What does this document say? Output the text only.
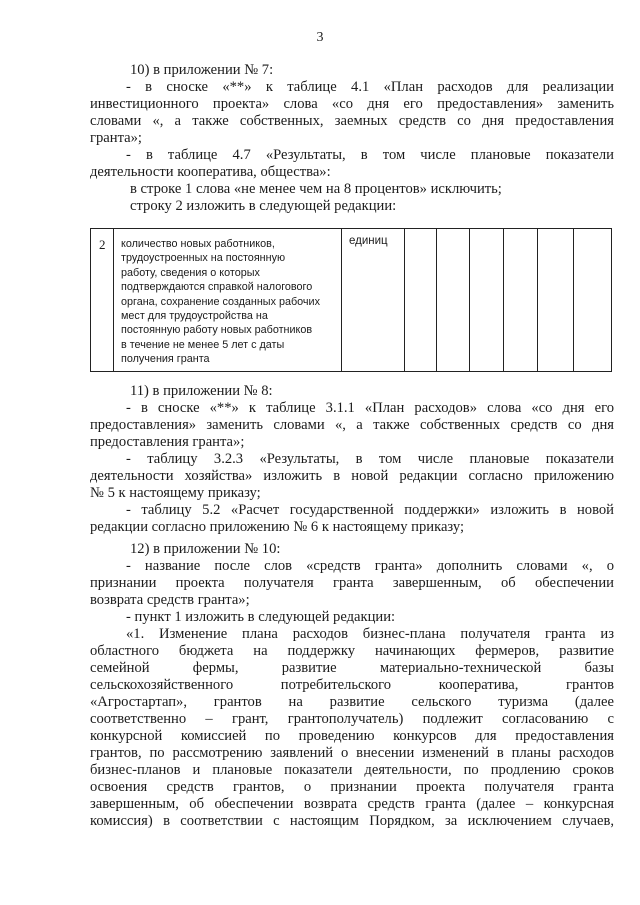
3
10) в приложении № 7:
- в сноске «**» к таблице 4.1 «План расходов для реализации
инвестиционного проекта» слова «со дня его предоставления» заменить
словами «, а также собственных, заемных средств со дня предоставления
гранта»;
- в таблице 4.7 «Результаты, в том числе плановые показатели
деятельности кооператива, общества»:
в строке 1 слова «не менее чем на 8 процентов» исключить;
строку 2 изложить в следующей редакции:
2 количество новых работников,
трудоустроенных на постоянную
работу, сведения о которых
подтверждаются справкой налогового
органа, сохранение созданных рабочих
мест для трудоустройства на
постоянную работу новых работников
в течение не менее 5 лет с даты
получения гранта
единиц
11) в приложении № 8:
- в сноске «**» к таблице 3.1.1 «План расходов» слова «со дня его
предоставления» заменить словами «, а также собственных средств со дня
предоставления гранта»;
- таблицу 3.2.3 «Результаты, в том числе плановые показатели
деятельности хозяйства» изложить в новой редакции согласно приложению
№ 5 к настоящему приказу;
- таблицу 5.2 «Расчет государственной поддержки» изложить в новой
редакции согласно приложению № 6 к настоящему приказу;
12) в приложении № 10:
- название после слов «средств гранта» дополнить словами «, о
признании проекта получателя гранта завершенным, об обеспечении
возврата средств гранта»;
- пункт 1 изложить в следующей редакции:
«1. Изменение плана расходов бизнес-плана получателя гранта из
областного бюджета на поддержку начинающих фермеров, развитие
семейной фермы, развитие материально-технической базы
сельскохозяйственного потребительского кооператива, грантов
«Агростартап», грантов на развитие сельского туризма (далее
соответственно – грант, грантополучатель) подлежит согласованию с
конкурсной комиссией по проведению конкурсов для предоставления
грантов, по рассмотрению заявлений о внесении изменений в планы расходов
бизнес-планов и плановые показатели деятельности, по продлению сроков
освоения средств грантов, о признании проекта получателя гранта
завершенным, об обеспечении возврата средств гранта (далее – конкурсная
комиссия) в соответствии с настоящим Порядком, за исключением случаев,
